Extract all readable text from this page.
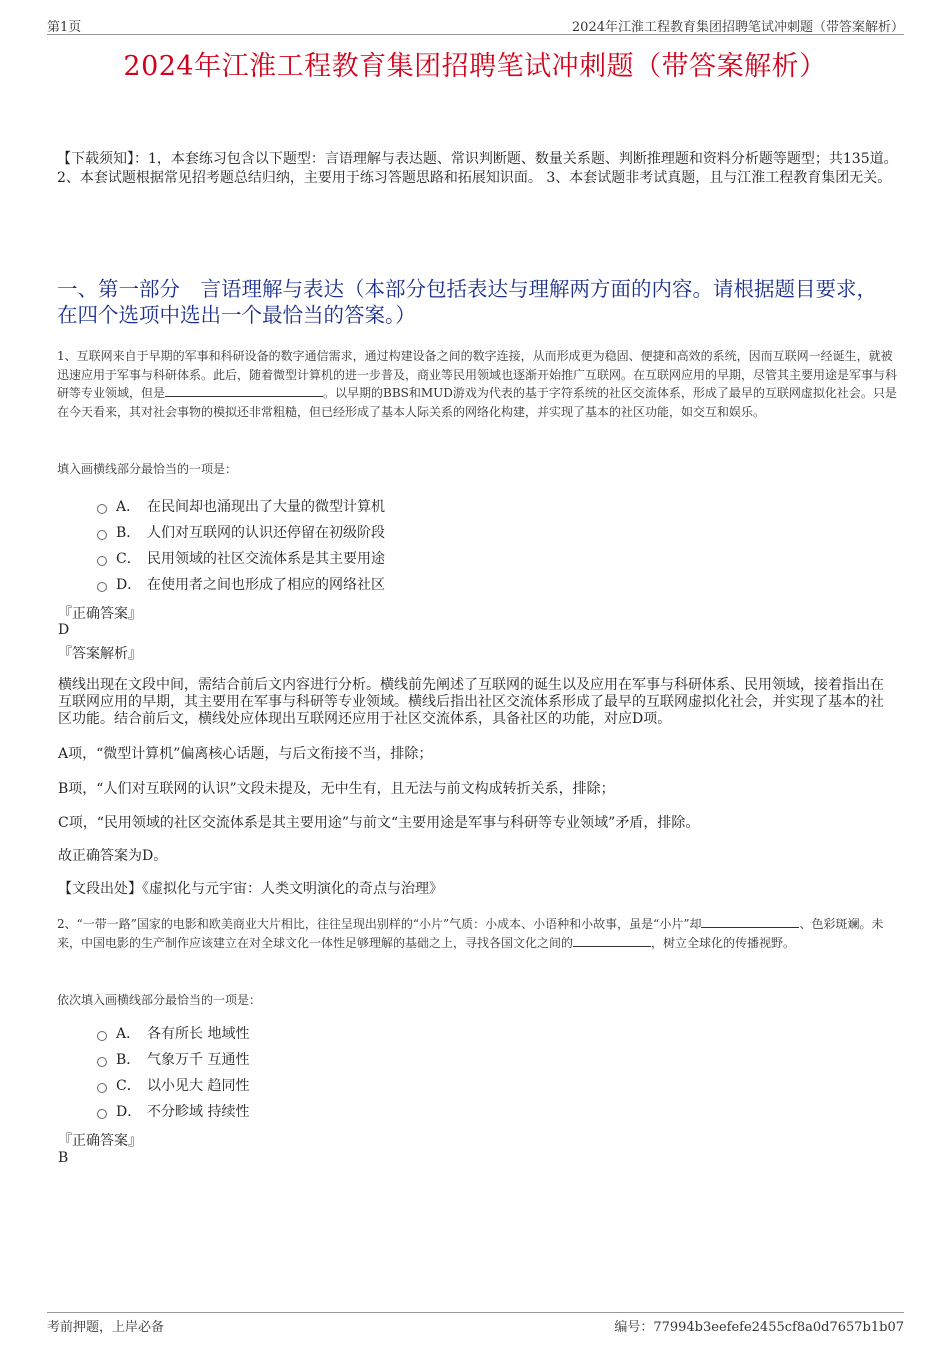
第1页	2024年江淮工程教育集团招聘笔试冲刺题（带答案解析）
2024年江淮工程教育集团招聘笔试冲刺题（带答案解析）
【下载须知】：1，本套练习包含以下题型：言语理解与表达题、常识判断题、数量关系题、判断推理题和资料分析题等题型；共135道。 2、本套试题根据常见招考题总结归纳，主要用于练习答题思路和拓展知识面。 3、本套试题非考试真题，且与江淮工程教育集团无关。
一、第一部分　言语理解与表达（本部分包括表达与理解两方面的内容。请根据题目要求，在四个选项中选出一个最恰当的答案。）
1、互联网来自于早期的军事和科研设备的数字通信需求，通过构建设备之间的数字连接，从而形成更为稳固、便捷和高效的系统，因而互联网一经诞生，就被迅速应用于军事与科研体系。此后，随着微型计算机的进一步普及，商业等民用领域也逐渐开始推广互联网。在互联网应用的早期，尽管其主要用途是军事与科研等专业领域，但是	。以早期的BBS和MUD游戏为代表的基于字符系统的社区交流体系，形成了最早的互联网虚拟化社会。只是在今天看来，其对社会事物的模拟还非常粗糙，但已经形成了基本人际关系的网络化构建，并实现了基本的社区功能，如交互和娱乐。
填入画横线部分最恰当的一项是：
A． 在民间却也涌现出了大量的微型计算机
B． 人们对互联网的认识还停留在初级阶段
C． 民用领域的社区交流体系是其主要用途
D． 在使用者之间也形成了相应的网络社区
『正确答案』
D
『答案解析』
横线出现在文段中间，需结合前后文内容进行分析。横线前先阐述了互联网的诞生以及应用在军事与科研体系、民用领域，接着指出在互联网应用的早期，其主要用在军事与科研等专业领域。横线后指出社区交流体系形成了最早的互联网虚拟化社会，并实现了基本的社区功能。结合前后文，横线处应体现出互联网还应用于社区交流体系，具备社区的功能，对应D项。
A项，“微型计算机”偏离核心话题，与后文衔接不当，排除；
B项，“人们对互联网的认识”文段未提及，无中生有，且无法与前文构成转折关系，排除；
C项，“民用领域的社区交流体系是其主要用途”与前文“主要用途是军事与科研等专业领域”矛盾，排除。
故正确答案为D。
【文段出处】《虚拟化与元宇宙：人类文明演化的奇点与治理》
2、“一带一路”国家的电影和欧美商业大片相比，往往呈现出别样的“小片”气质：小成本、小语种和小故事，虽是“小片”却	、色彩斑斓。未来，中国电影的生产制作应该建立在对全球文化一体性足够理解的基础之上，寻找各国文化之间的	，树立全球化的传播视野。
依次填入画横线部分最恰当的一项是：
A． 各有所长 地域性
B． 气象万千 互通性
C． 以小见大 趋同性
D． 不分畛域 持续性
『正确答案』
B
考前押题，上岸必备	编号：77994b3eefefe2455cf8a0d7657b1b07
